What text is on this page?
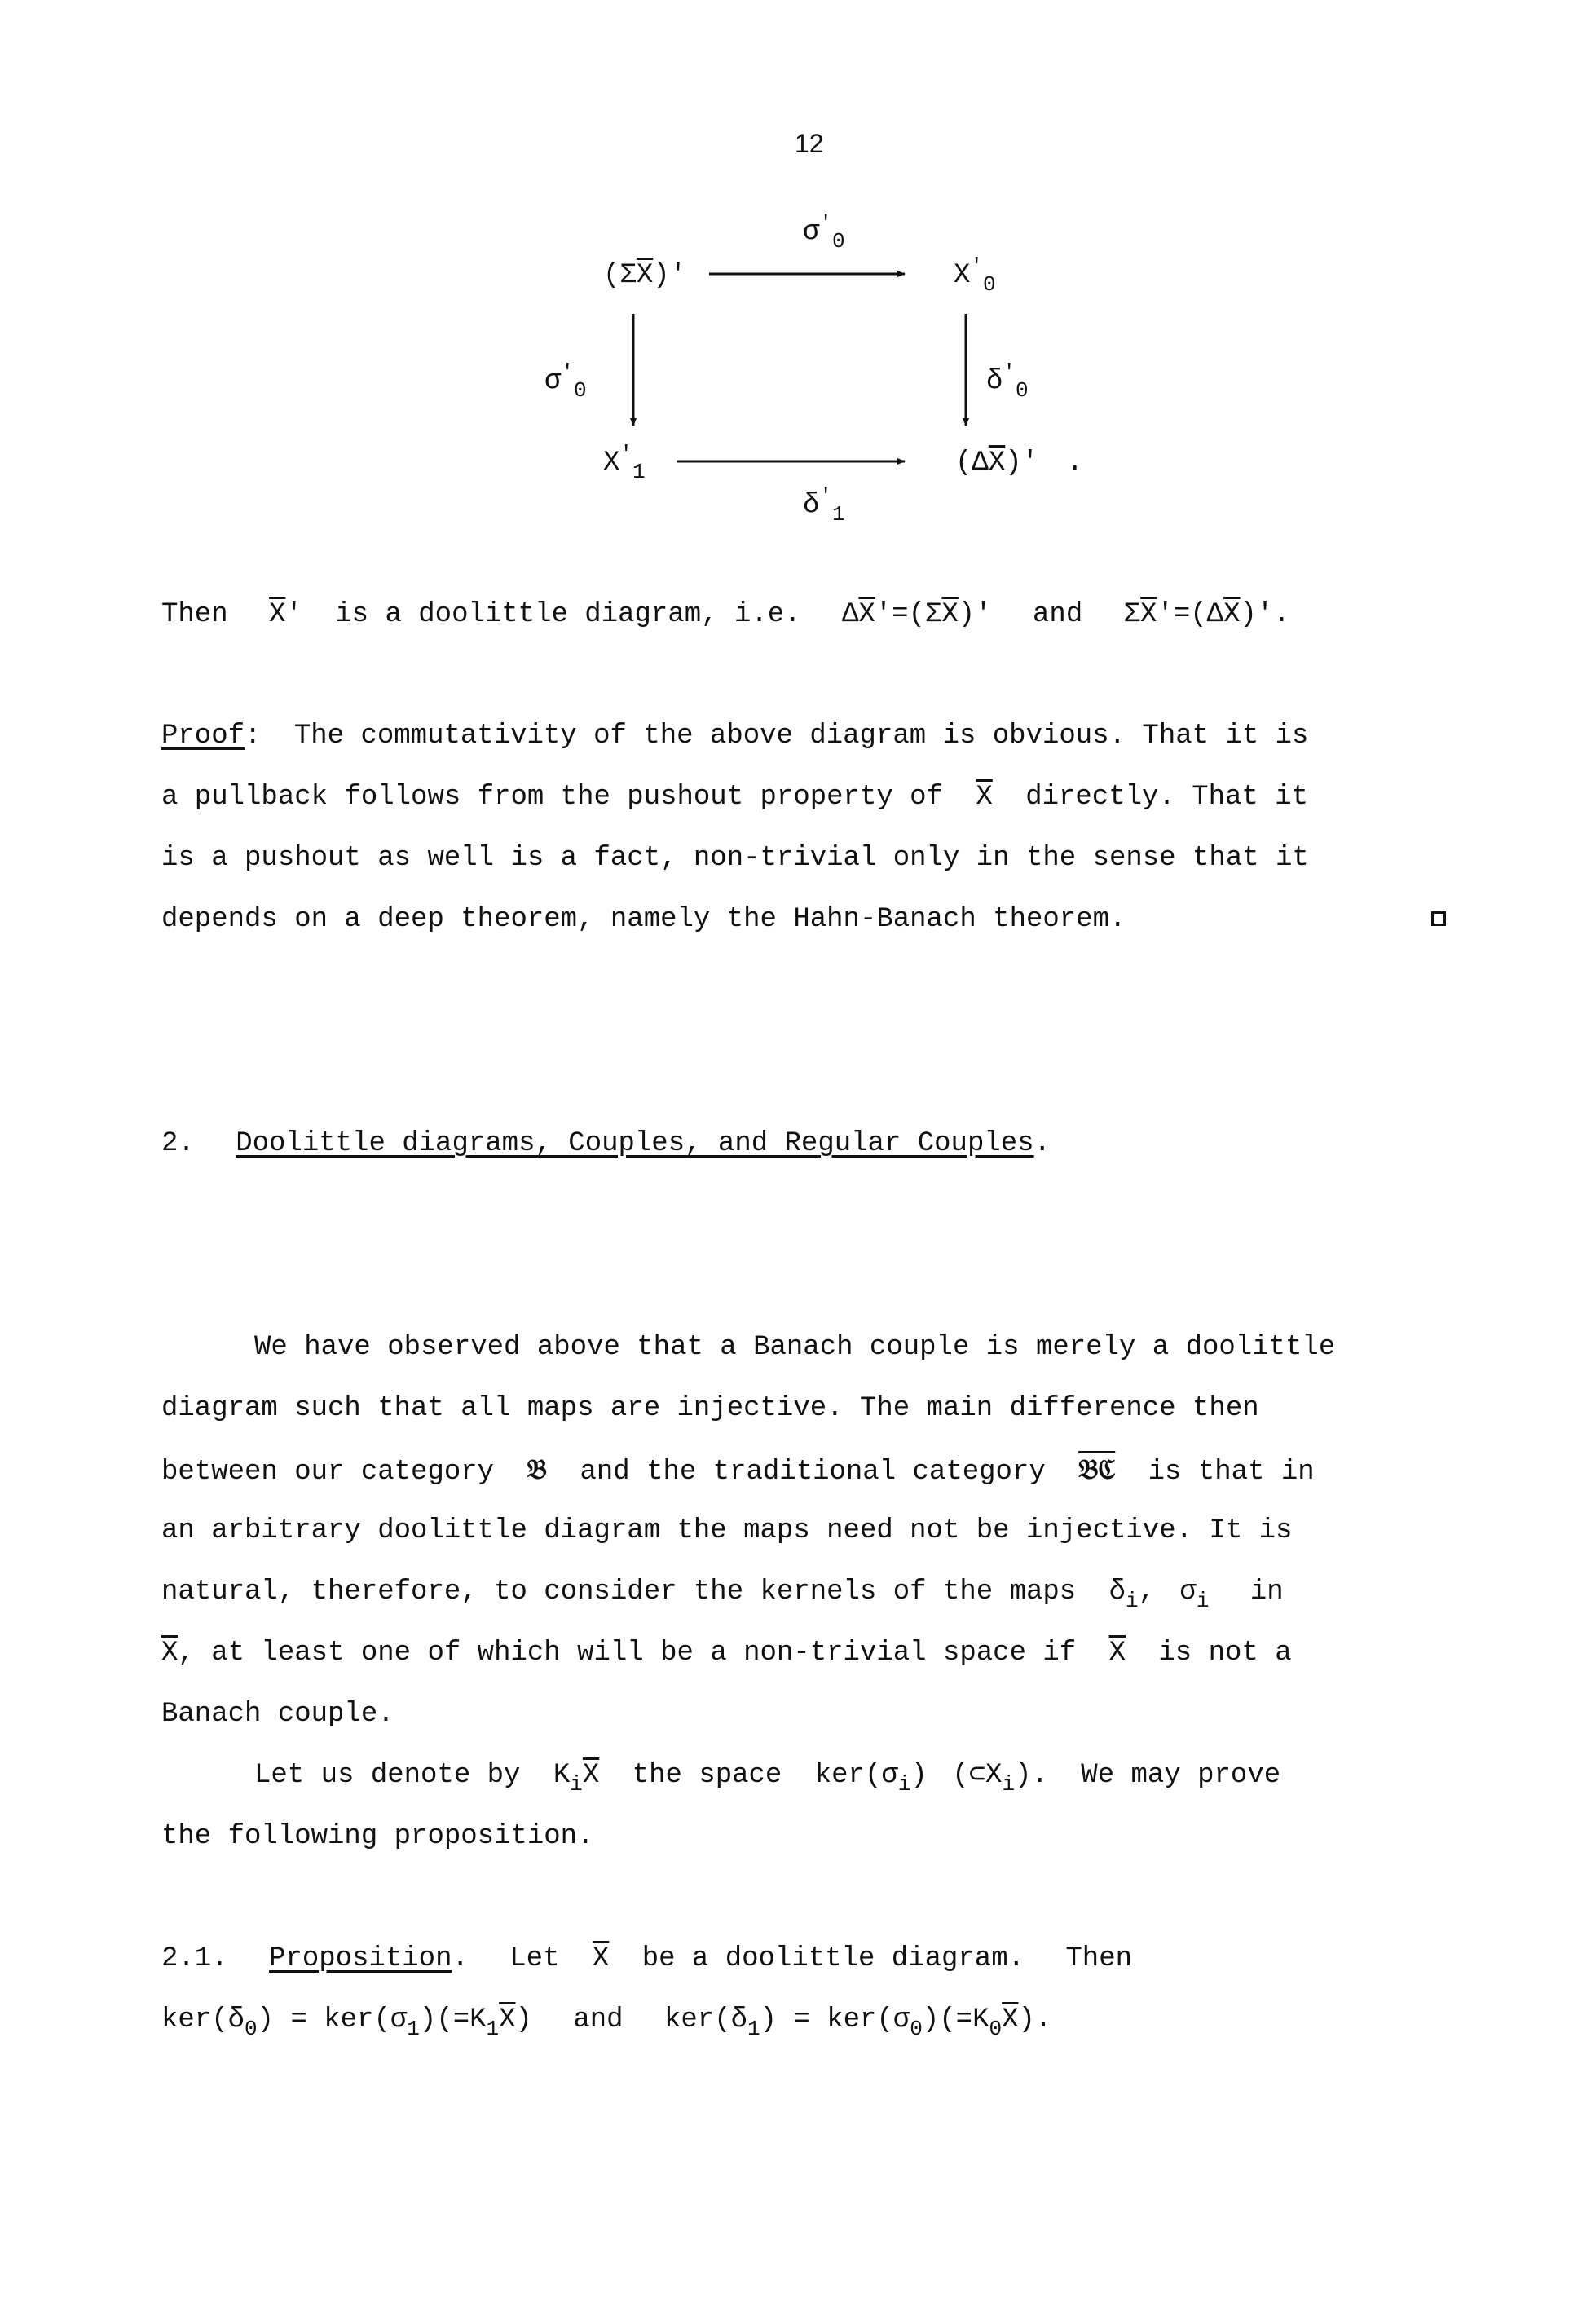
12
$\sigma'_0$
$(\Sigma\overline{X})'$	$X'_0$
$\sigma'_0$	$\delta'_0$
$X'_1$	$(\Delta\overline{X})'$ .
$\delta'_1$
Then $\overline{X}'$ is a doolittle diagram, i.e. $\Delta\overline{X}'=(\Sigma\overline{X})'$ and $\Sigma\overline{X}'=(\Delta\overline{X})'$.
Proof: The commutativity of the above diagram is obvious. That it is
a pullback follows from the pushout property of $\overline{X}$ directly. That it
is a pushout as well is a fact, non-trivial only in the sense that it
depends on a deep theorem, namely the Hahn-Banach theorem.
2. Doolittle diagrams, Couples, and Regular Couples.
We have observed above that a Banach couple is merely a doolittle
diagram such that all maps are injective. The main difference then
between our category 𝔅 and the traditional category 𝔅ℭ is that in
an arbitrary doolittle diagram the maps need not be injective. It is
natural, therefore, to consider the kernels of the maps $\delta_i$, $\sigma_i$ in
$\overline{X}$, at least one of which will be a non-trivial space if $\overline{X}$ is not a
Banach couple.
Let us denote by $K_i\overline{X}$ the space $ker(\sigma_i)$ $(\subset X_i)$. We may prove
the following proposition.
2.1. Proposition. Let $\overline{X}$ be a doolittle diagram. Then
$ker(\delta_0) = ker(\sigma_1)(=K_1\overline{X})$ and $ker(\delta_1) = ker(\sigma_0)(=K_0\overline{X})$.
